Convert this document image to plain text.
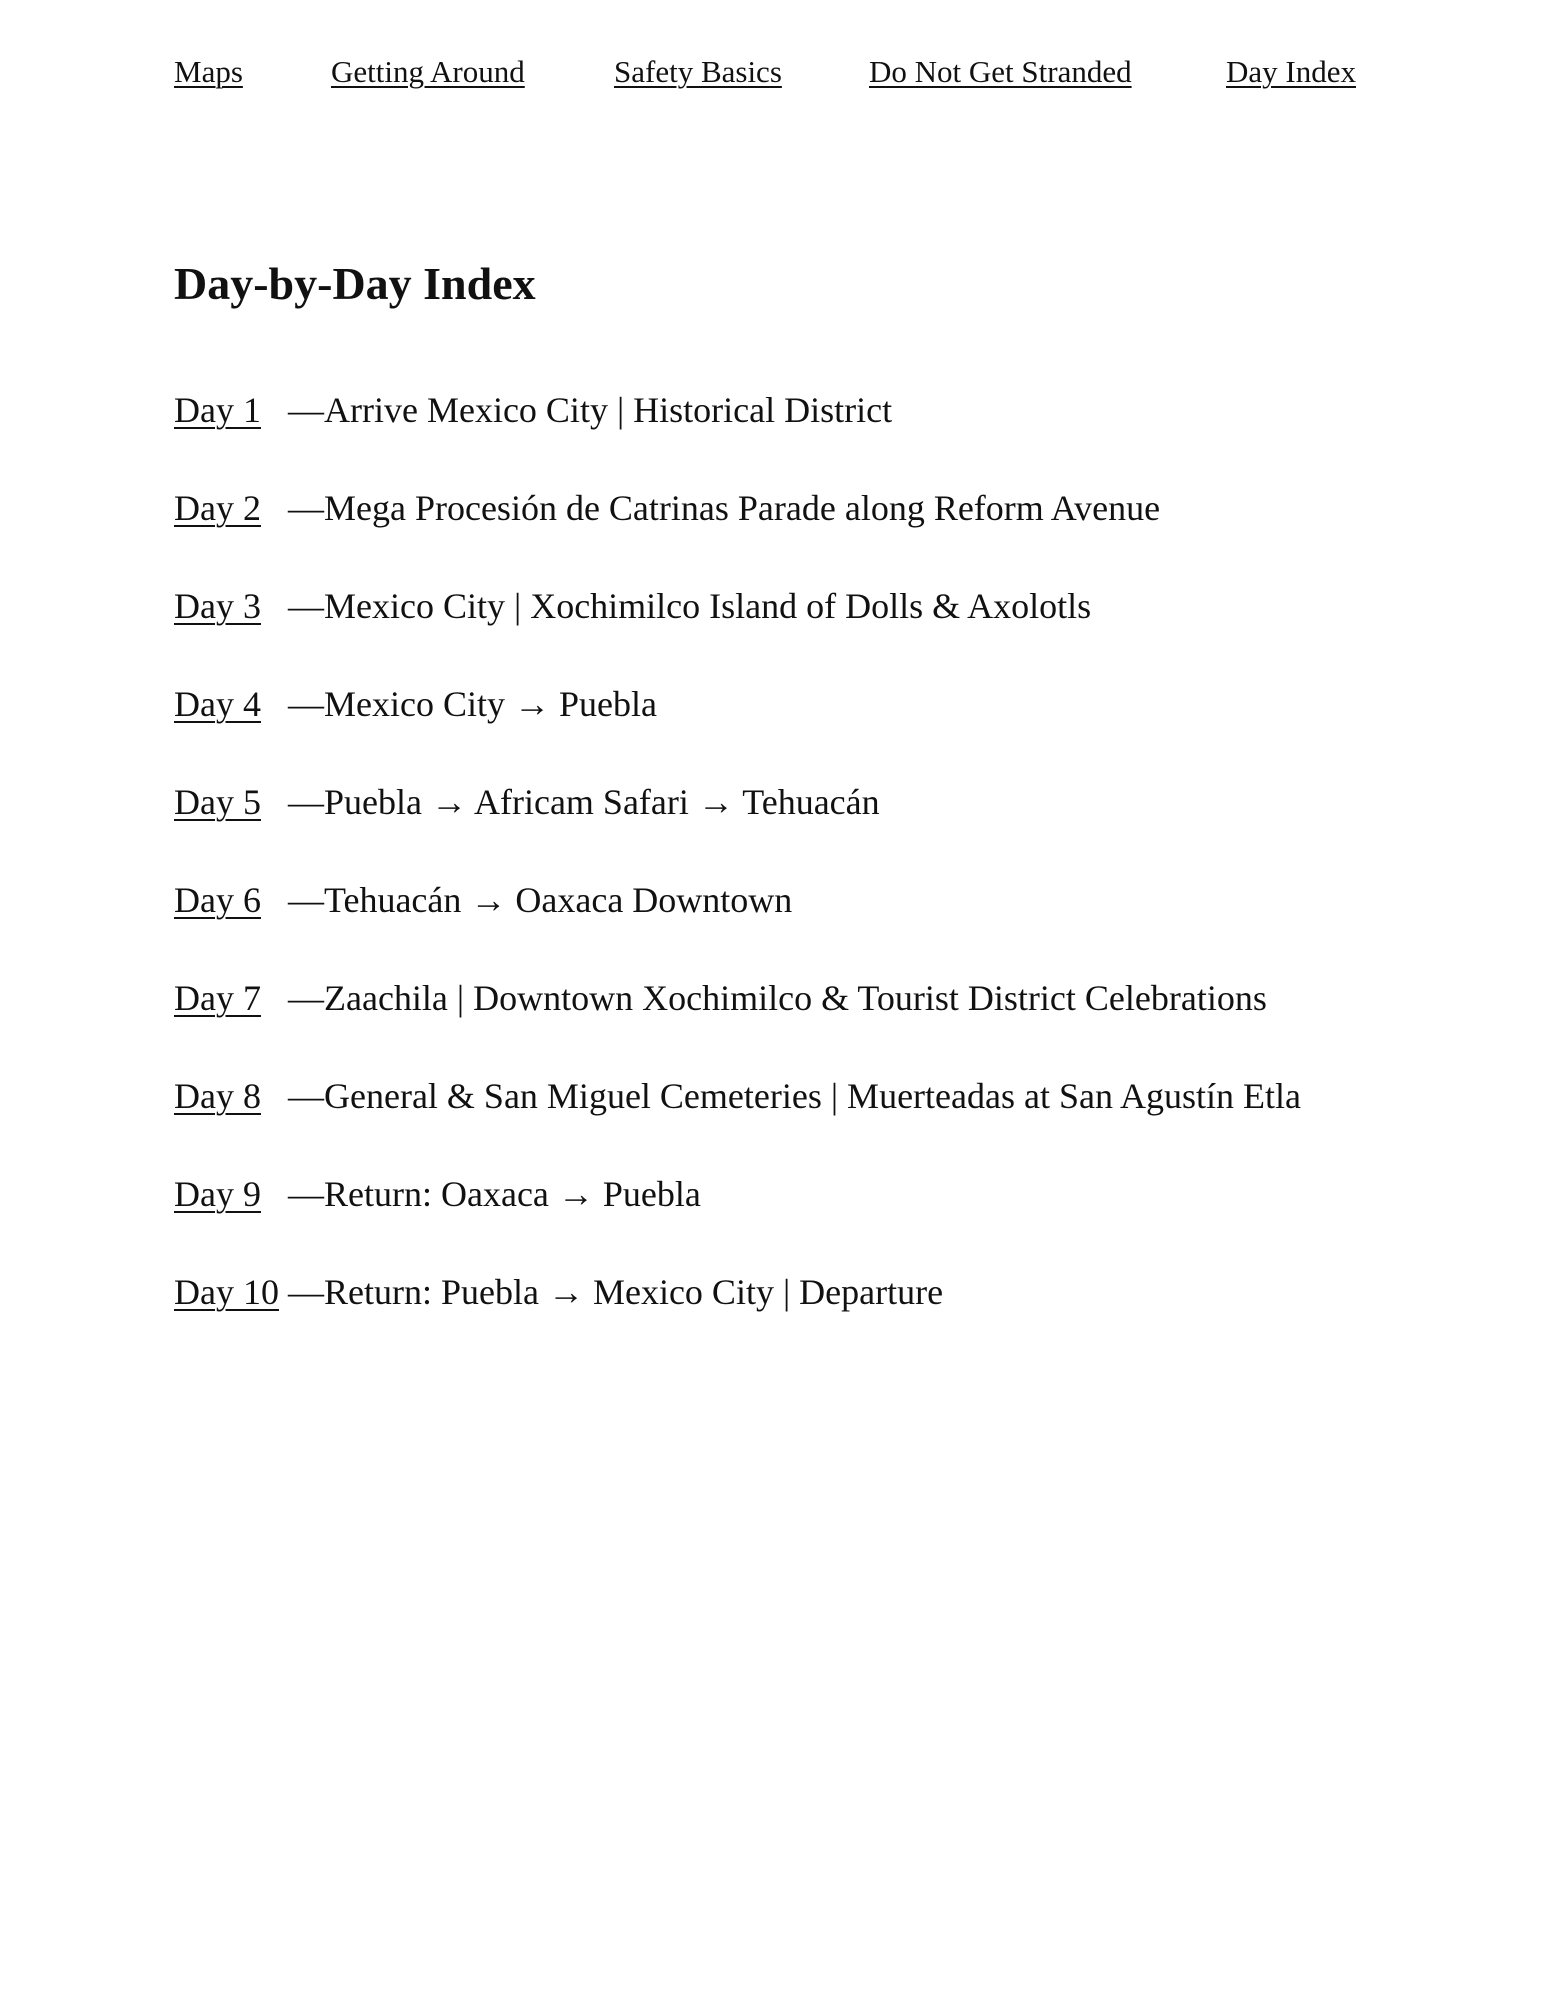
Maps	Getting Around	Safety Basics	Do Not Get Stranded	Day Index
Day-by-Day Index
Day 1 — Arrive Mexico City | Historical District
Day 2 — Mega Procesión de Catrinas Parade along Reform Avenue
Day 3 — Mexico City | Xochimilco Island of Dolls & Axolotls
Day 4 — Mexico City → Puebla
Day 5 — Puebla → Africam Safari → Tehuacán
Day 6 — Tehuacán → Oaxaca Downtown
Day 7 — Zaachila | Downtown Xochimilco & Tourist District Celebrations
Day 8 — General & San Miguel Cemeteries | Muerteadas at San Agustín Etla
Day 9 — Return: Oaxaca → Puebla
Day 10 — Return: Puebla → Mexico City | Departure
